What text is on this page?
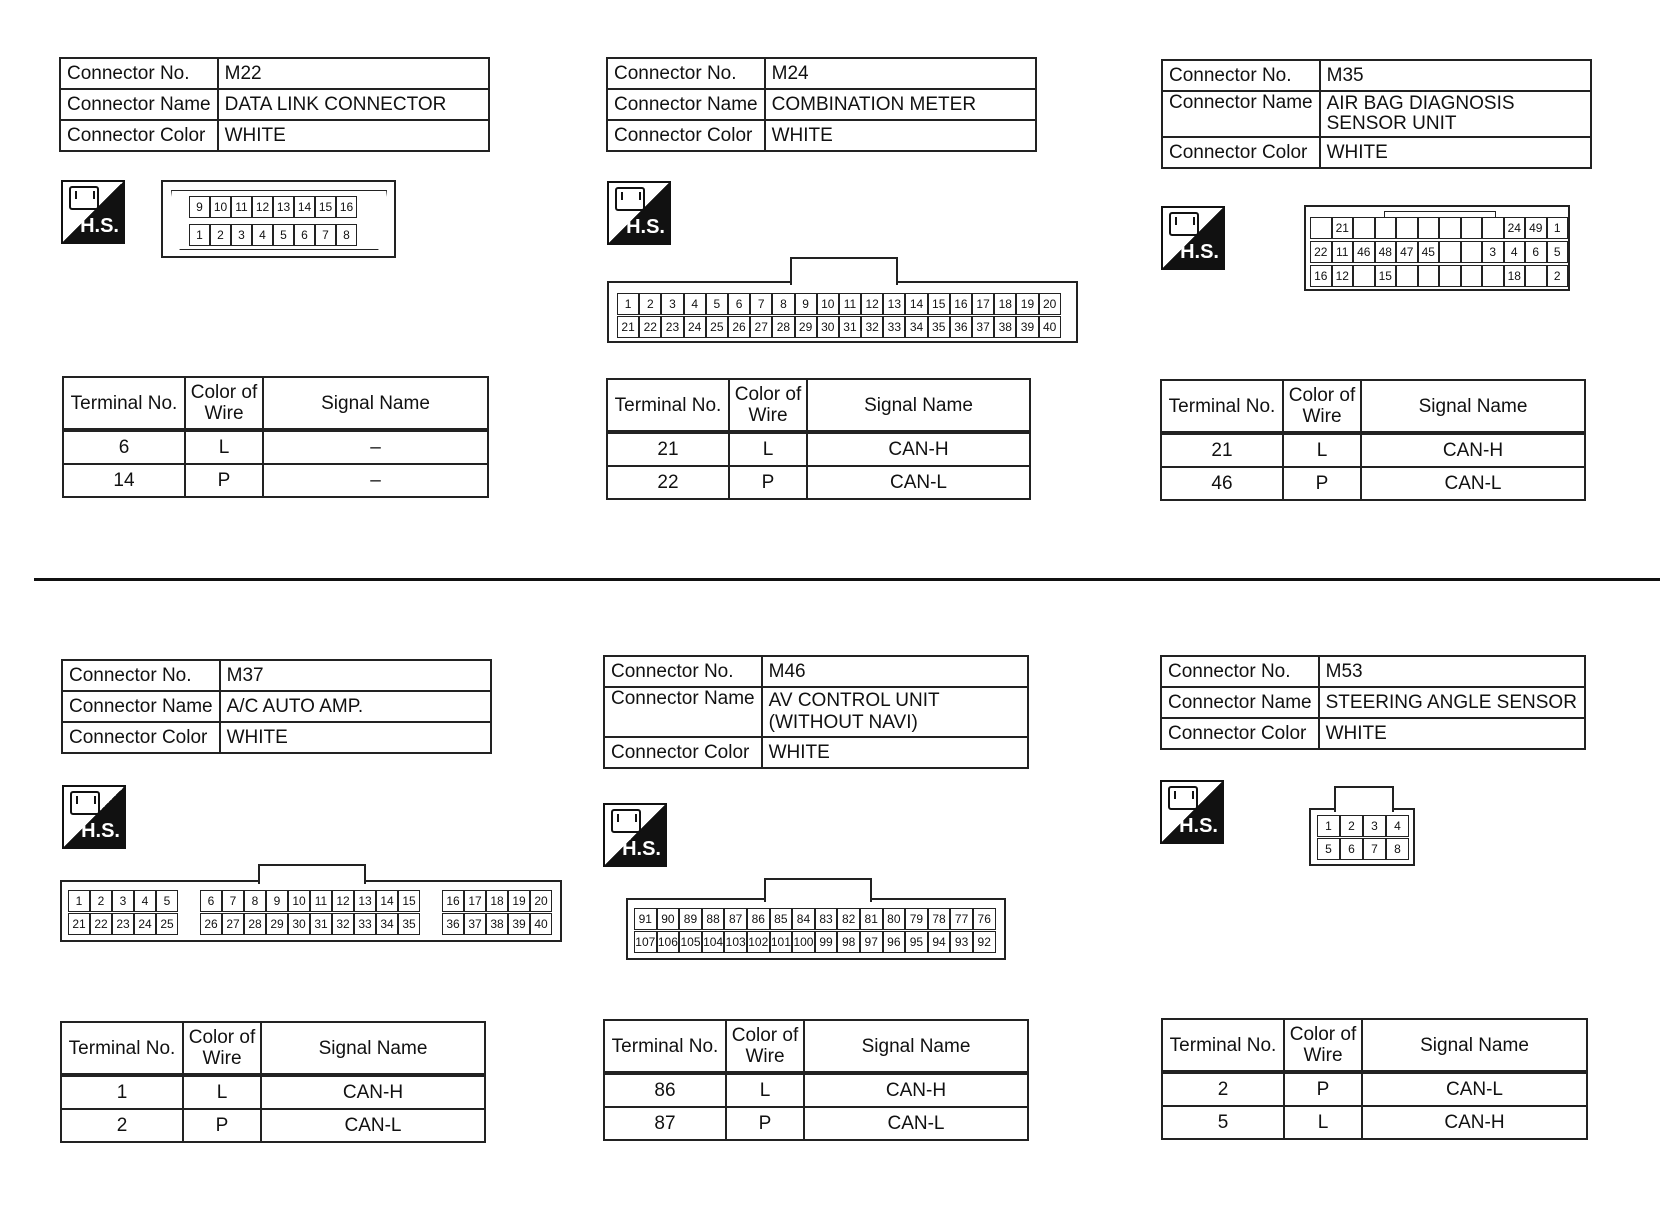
Connector No.	M22
Connector Name	DATA LINK CONNECTOR
Connector Color	WHITE
H.S.
9 10 11 12 13 14 15 16
1	2	3	4	5	6	7	8
Terminal No.	Color of
Wire	Signal Name
6	L	–
14	P	–
Connector No.	M24
Connector Name	COMBINATION METER
Connector Color	WHITE
H.S.
1	2	3	4	5	6	7	8	9	10 11 12 13 14 15 16 17 18 19 20
21 22 23 24 25 26 27 28 29 30 31 32 33 34 35 36 37 38 39 40
Terminal No.	Color of
Wire	Signal Name
21	L	CAN-H
22	P	CAN-L
Connector No.	M35
Connector Name	AIR BAG DIAGNOSIS
SENSOR UNIT
Connector Color	WHITE
H.S.
21	24 49 1
22 11 46 48 47 45	3	4	6	5
16 12	15	18	2
Terminal No.	Color of
Wire	Signal Name
21	L	CAN-H
46	P	CAN-L
Connector No.	M37
Connector Name	A/C AUTO AMP.
Connector Color	WHITE
H.S.
1	2	3	4	5	6	7	8	9 10 11 12 13 14 15	16 17 18 19 20
21 22 23 24 25	26 27 28 29 30 31 32 33 34 35	36 37 38 39 40
Terminal No.	Color of
Wire	Signal Name
1	L	CAN-H
2	P	CAN-L
Connector No.	M46
Connector Name	AV CONTROL UNIT
(WITHOUT NAVI)
Connector Color	WHITE
H.S.
91 90 89 88 87 86 85 84 83 82 81 80 79 78 77 76
107 106 105 104 103 102 101 100 99 98 97 96 95 94 93 92
Terminal No.	Color of
Wire	Signal Name
86	L	CAN-H
87	P	CAN-L
Connector No.	M53
Connector Name	STEERING ANGLE SENSOR
Connector Color	WHITE
H.S.	1	2	3	4
5	6	7	8
Terminal No.	Color of
Wire	Signal Name
2	P	CAN-L
5	L	CAN-H
